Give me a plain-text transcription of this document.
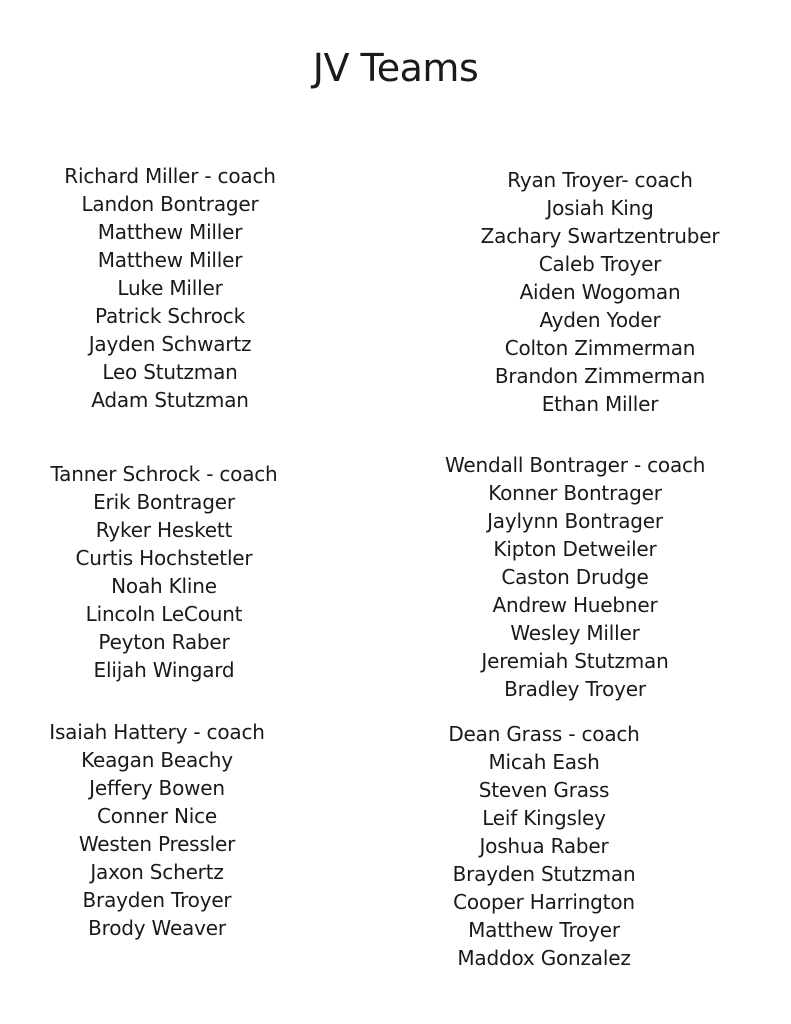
JV Teams
Richard Miller - coach
Landon Bontrager
Matthew Miller
Matthew Miller
Luke Miller
Patrick Schrock
Jayden Schwartz
Leo Stutzman
Adam Stutzman
Ryan Troyer- coach
Josiah King
Zachary Swartzentruber
Caleb Troyer
Aiden Wogoman
Ayden Yoder
Colton Zimmerman
Brandon Zimmerman
Ethan Miller
Tanner Schrock - coach
Erik Bontrager
Ryker Heskett
Curtis Hochstetler
Noah Kline
Lincoln LeCount
Peyton Raber
Elijah Wingard
Wendall Bontrager - coach
Konner Bontrager
Jaylynn Bontrager
Kipton Detweiler
Caston Drudge
Andrew Huebner
Wesley Miller
Jeremiah Stutzman
Bradley Troyer
Isaiah Hattery - coach
Keagan Beachy
Jeffery Bowen
Conner Nice
Westen Pressler
Jaxon Schertz
Brayden Troyer
Brody Weaver
Dean Grass - coach
Micah Eash
Steven Grass
Leif Kingsley
Joshua Raber
Brayden Stutzman
Cooper Harrington
Matthew Troyer
Maddox Gonzalez
